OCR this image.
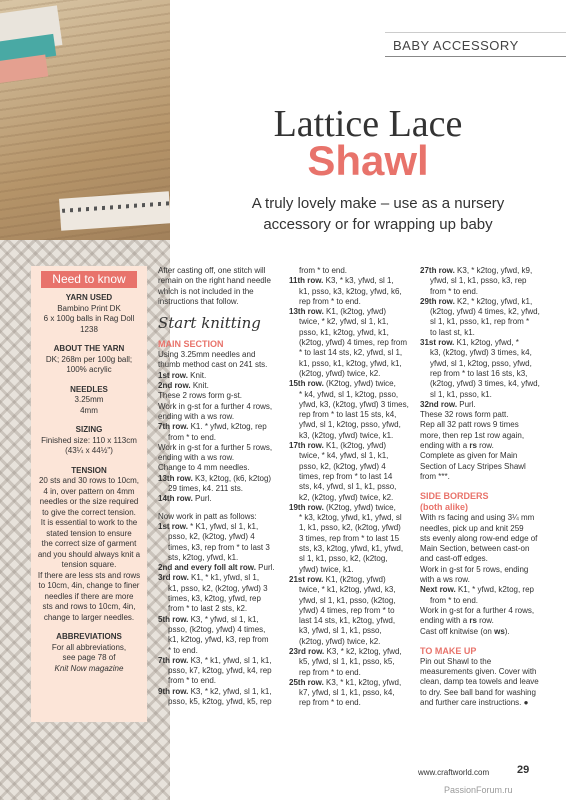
BABY ACCESSORY
Lattice Lace
Shawl
A truly lovely make – use as a nursery
accessory or for wrapping up baby
Need to know
YARN USED
Bambino Print DK
6 x 100g balls in Rag Doll
1238
ABOUT THE YARN
DK; 268m per 100g ball;
100% acrylic
NEEDLES
3.25mm
4mm
SIZING
Finished size: 110 x 113cm
(43¼ x 44½")
TENSION
20 sts and 30 rows to 10cm,
4 in, over pattern on 4mm
needles or the size required
to give the correct tension.
It is essential to work to the
stated tension to ensure
the correct size of garment
and you should always knit a
tension square.
If there are less sts and rows
to 10cm, 4in, change to finer
needles if there are more
sts and rows to 10cm, 4in,
change to larger needles.
ABBREVIATIONS
For all abbreviations,
see page 78 of
Knit Now magazine
After casting off, one stitch will
remain on the right hand needle
which is not included in the
instructions that follow.
Start knitting
MAIN SECTION

Using 3.25mm needles and

thumb method cast on 241 sts.

1st row. Knit.

2nd row. Knit.

These 2 rows form g-st.

Work in g-st for a further 4 rows,

ending with a ws row.

7th row. K1. * yfwd, k2tog, rep

from * to end.

Work in g-st for a further 5 rows,

ending with a ws row.

Change to 4 mm needles.

13th row. K3, k2tog, (k6, k2tog)

29 times, k4. 211 sts.

14th row. Purl.

Now work in patt as follows:

1st row. * K1, yfwd, sl 1, k1,

psso, k2, (k2tog, yfwd) 4

times, k3, rep from * to last 3

sts, k2tog, yfwd, k1.

2nd and every foll alt row. Purl.

3rd row. K1, * k1, yfwd, sl 1,

k1, psso, k2, (k2tog, yfwd) 3

times, k3, k2tog, yfwd, rep

from * to last 2 sts, k2.

5th row. K3, * yfwd, sl 1, k1,

psso, (k2tog, yfwd) 4 times,

k1, k2tog, yfwd, k3, rep from

* to end.

7th row. K3, * k1, yfwd, sl 1, k1,

psso, k7, k2tog, yfwd, k4, rep

from * to end.

9th row. K3, * k2, yfwd, sl 1, k1,

psso, k5, k2tog, yfwd, k5, rep

from * to end.

11th row. K3, * k3, yfwd, sl 1,

k1, psso, k3, k2tog, yfwd, k6,

rep from * to end.

13th row. K1, (k2tog, yfwd)

twice, * k2, yfwd, sl 1, k1,

psso, k1, k2tog, yfwd, k1,

(k2tog, yfwd) 4 times, rep from

* to last 14 sts, k2, yfwd, sl 1,

k1, psso, k1, k2tog, yfwd, k1,

(k2tog, yfwd) twice, k2.

15th row. (K2tog, yfwd) twice,

* k4, yfwd, sl 1, k2tog, psso,

yfwd, k3, (k2tog, yfwd) 3 times,

rep from * to last 15 sts, k4,

yfwd, sl 1, k2tog, psso, yfwd,

k3, (k2tog, yfwd) twice, k1.

17th row. K1, (k2tog, yfwd)

twice, * k4, yfwd, sl 1, k1,

psso, k2, (k2tog, yfwd) 4

times, rep from * to last 14

sts, k4, yfwd, sl 1, k1, psso,

k2, (k2tog, yfwd) twice, k2.

19th row. (K2tog, yfwd) twice,

* k3, k2tog, yfwd, k1, yfwd, sl

1, k1, psso, k2, (k2tog, yfwd)

3 times, rep from * to last 15

sts, k3, k2tog, yfwd, k1, yfwd,

sl 1, k1, psso, k2, (k2tog,

yfwd) twice, k1.

21st row. K1, (k2tog, yfwd)

twice, * k1, k2tog, yfwd, k3,

yfwd, sl 1, k1, psso, (k2tog,

yfwd) 4 times, rep from * to

last 14 sts, k1, k2tog, yfwd,

k3, yfwd, sl 1, k1, psso,

(k2tog, yfwd) twice, k2.

23rd row. K3, * k2, k2tog, yfwd,

k5, yfwd, sl 1, k1, psso, k5,

rep from * to end.

25th row. K3, * k1, k2tog, yfwd,

k7, yfwd, sl 1, k1, psso, k4,

rep from * to end.

27th row. K3, * k2tog, yfwd, k9,

yfwd, sl 1, k1, psso, k3, rep

from * to end.

29th row. K2, * k2tog, yfwd, k1,

(k2tog, yfwd) 4 times, k2, yfwd,

sl 1, k1, psso, k1, rep from *

to last st, k1.

31st row. K1, k2tog, yfwd, *

k3, (k2tog, yfwd) 3 times, k4,

yfwd, sl 1, k2tog, psso, yfwd,

rep from * to last 16 sts, k3,

(k2tog, yfwd) 3 times, k4, yfwd,

sl 1, k1, psso, k1.

32nd row. Purl.

These 32 rows form patt.

Rep all 32 patt rows 9 times

more, then rep 1st row again,

ending with a rs row.

Complete as given for Main

Section of Lacy Stripes Shawl

from ***.

SIDE BORDERS
(both alike)

With rs facing and using 3¼ mm

needles, pick up and knit 259

sts evenly along row-end edge of

Main Section, between cast-on

and cast-off edges.

Work in g-st for 5 rows, ending

with a ws row.

Next row. K1, * yfwd, k2tog, rep

from * to end.

Work in g-st for a further 4 rows,

ending with a rs row.

Cast off knitwise (on ws).

TO MAKE UP

Pin out Shawl to the

measurements given. Cover with

clean, damp tea towels and leave

to dry. See ball band for washing

and further care instructions. ●

www.craftworld.com	29
PassionForum.ru
